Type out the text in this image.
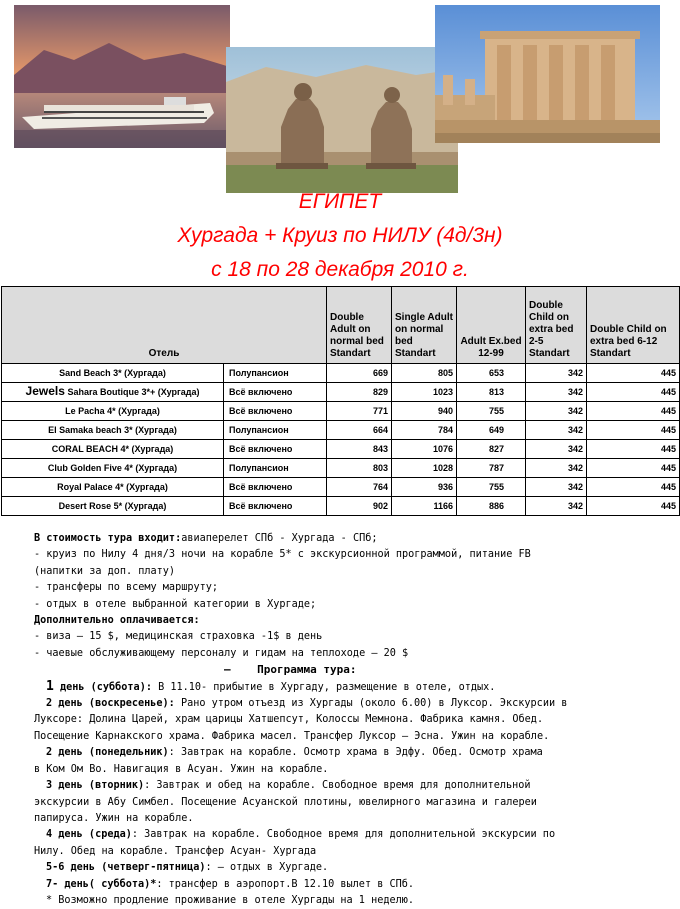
ЕГИПЕТ
Хургада + Круиз по НИЛУ (4д/3н)
с 18 по 28 декабря 2010 г.
Отель		Double Adult on normal bed Standart	Single Adult on normal bed Standart	Adult Ex.bed 12-99	Double Child on extra bed 2-5 Standart	Double Child on extra bed 6-12 Standart
Sand Beach 3* (Хургада)	Полупансион	669	805	653	342	445
Jewels Sahara Boutique 3*+ (Хургада)	Всё включено	829	1023	813	342	445
Le Pacha 4* (Хургада)	Всё включено	771	940	755	342	445
El Samaka beach 3* (Хургада)	Полупансион	664	784	649	342	445
CORAL BEACH 4* (Хургада)	Всё включено	843	1076	827	342	445
Club Golden Five 4* (Хургада)	Полупансион	803	1028	787	342	445
Royal Palace 4* (Хургада)	Всё включено	764	936	755	342	445
Desert Rose 5* (Хургада)	Всё включено	902	1166	886	342	445

В стоимость тура входит:авиаперелет СПб - Хургада - СПб;

- круиз по Нилу 4 дня/3 ночи на корабле 5* с экскурсионной программой, питание FB

(напитки за доп. плату)

- трансферы по всему маршруту;

- отдых в отеле выбранной категории в Хургаде;

Дополнительно оплачивается:

- виза – 15 $, медицинская страховка -1$ в день

- чаевые обслуживающему персоналу и гидам на теплоходе – 20 $

– Программа тура:

1 день (суббота): В 11.10- прибытие в Хургаду, размещение в отеле, отдых.

2 день (воскресенье): Рано утром отъезд из Хургады (около 6.00) в Луксор. Экскурсии в

Луксоре: Долина Царей, храм царицы Хатшепсут, Колоссы Мемнона. Фабрика камня. Обед.

Посещение Карнакского храма. Фабрика масел. Трансфер Луксор – Эсна. Ужин на корабле.

2 день (понедельник): Завтрак на корабле. Осмотр храма в Эдфу. Обед. Осмотр храма

в Ком Ом Во. Навигация в Асуан. Ужин на корабле.

3 день (вторник): Завтрак и обед на корабле. Свободное время для дополнительной

экскурсии в Абу Симбел. Посещение Асуанской плотины, ювелирного магазина и галереи

папируса. Ужин на корабле.

4 день (среда): Завтрак на корабле. Свободное время для дополнительной экскурсии по

Нилу. Обед на корабле. Трансфер Асуан- Хургада

5-6 день (четверг-пятница): – отдых в Хургаде.

7- день( суббота)*: трансфер в аэропорт.В 12.10 вылет в СПб.

* Возможно продление проживание в отеле Хургады на 1 неделю.
